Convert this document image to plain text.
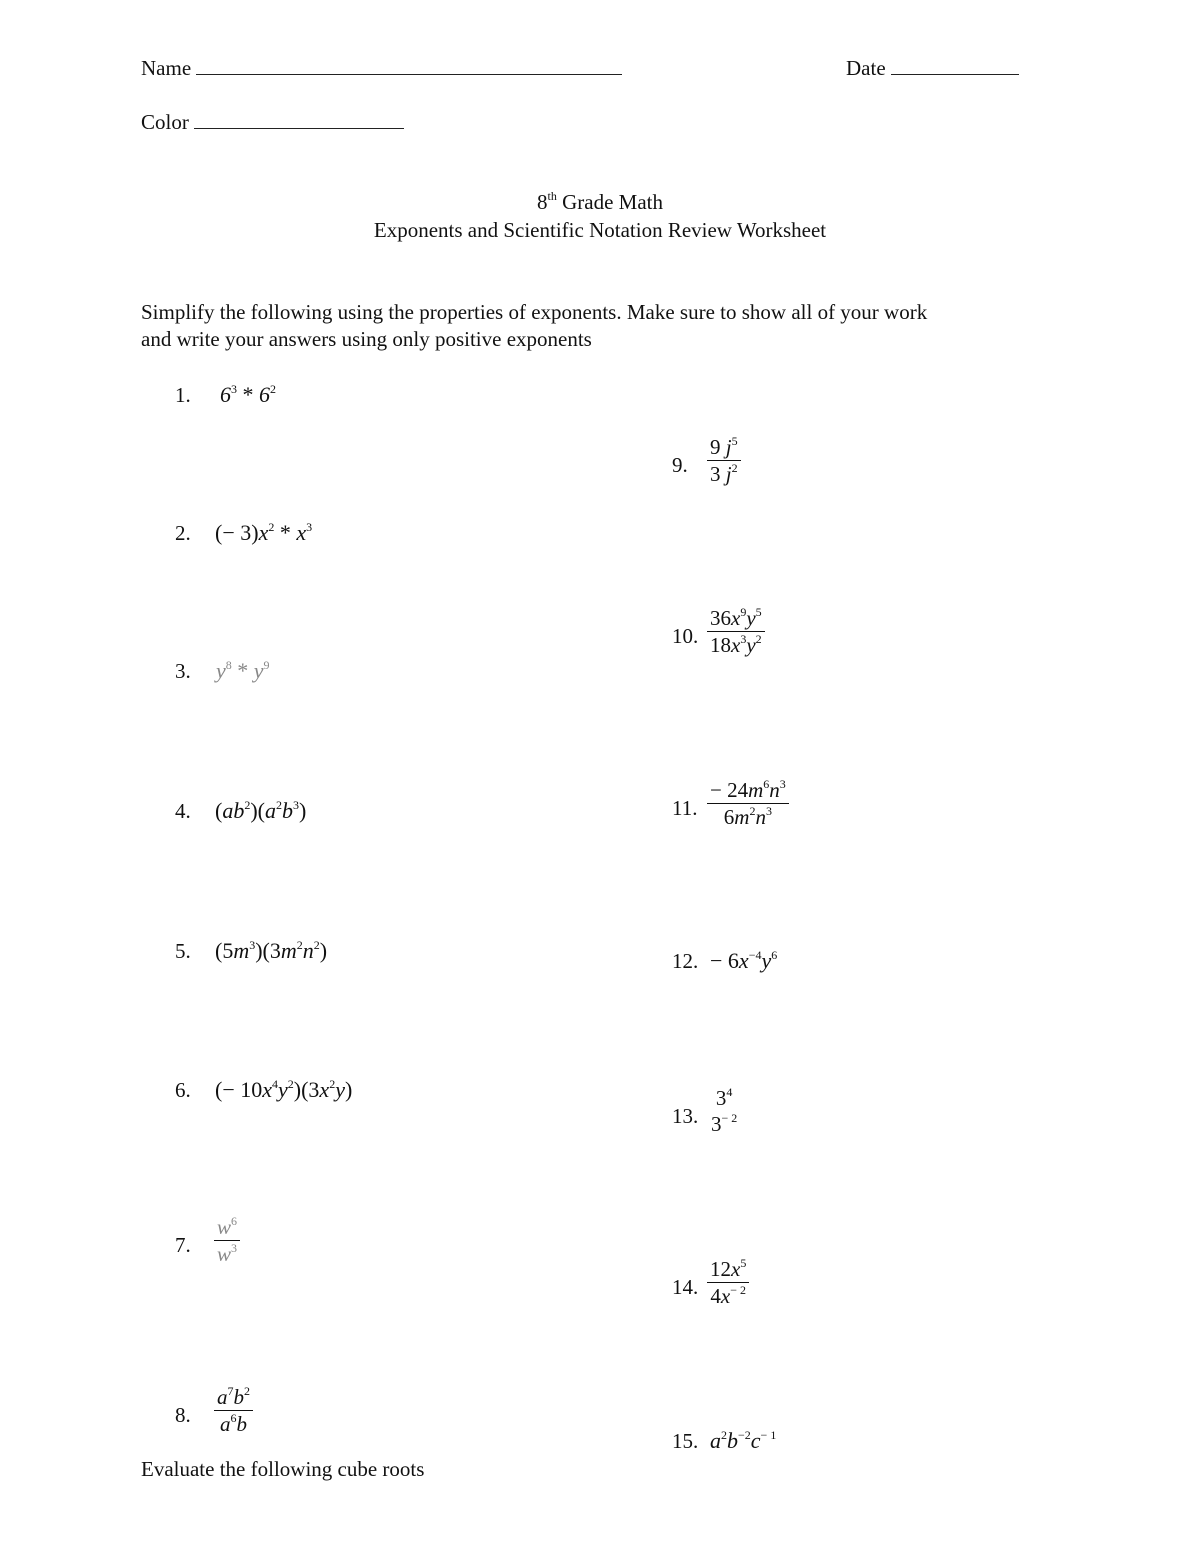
Name	Date
Color
8th Grade Math
Exponents and Scientific Notation Review Worksheet
Simplify the following using the properties of exponents. Make sure to show all of your work
and write your answers using only positive exponents
1. $6^3 * 6^2$
2. (− $3)x^2 * x^3$
3. $y^8 * y^9$
4. $(ab^2)(a^2b^3)$
5. $(5m^3)(3m^2n^2)$
6. (− $10x^4y^2)(3x^2y)$
7. $\frac{w^6}{w^3}$
8. $\frac{a^7b^2}{a^6b}$
9. $\frac{9 j^5}{3 j^2}$
10. $\frac{36x^9y^5}{18x^3y^2}$
11. $\frac{- 24m^6n^3}{6m^2n^3}$
12. − $6x^{-4}y^6$
13.
$3^4$
$3^{- 2}$
14. $\frac{12x^5}{4x^{- 2}}$
15. $a^2b^{-2}c^{- 1}$
Evaluate the following cube roots
